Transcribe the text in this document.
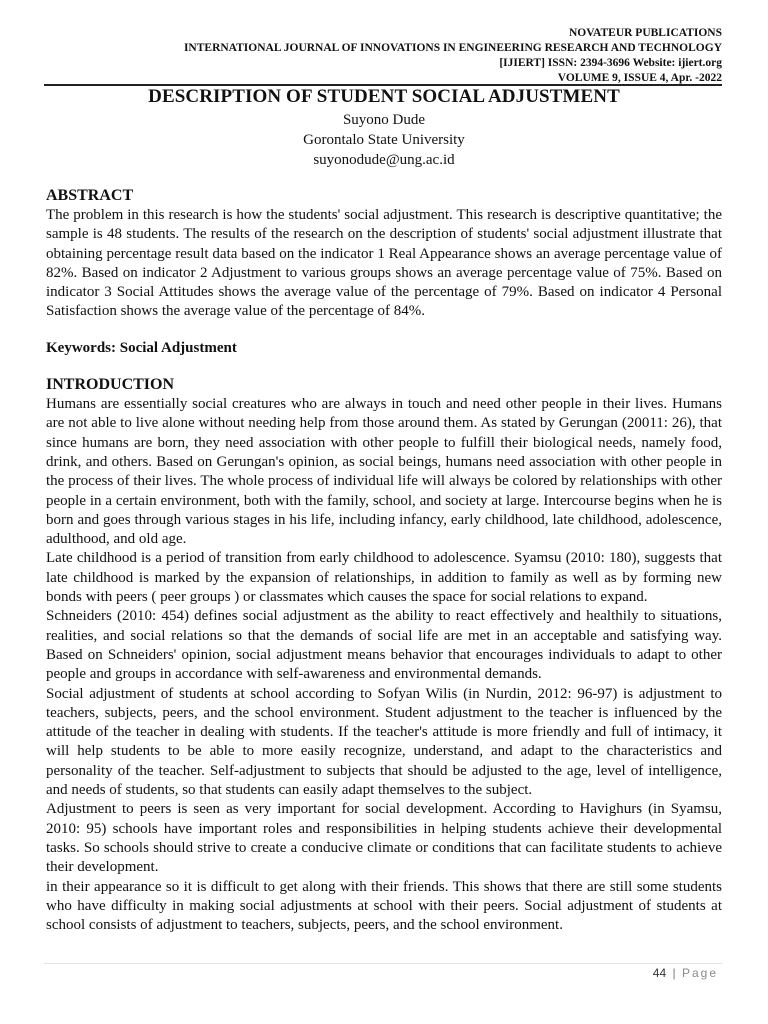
NOVATEUR PUBLICATIONS
INTERNATIONAL JOURNAL OF INNOVATIONS IN ENGINEERING RESEARCH AND TECHNOLOGY
[IJIERT] ISSN: 2394-3696 Website: ijiert.org
VOLUME 9, ISSUE 4, Apr. -2022
DESCRIPTION OF STUDENT SOCIAL ADJUSTMENT
Suyono Dude
Gorontalo State University
suyonodude@ung.ac.id
ABSTRACT

The problem in this research is how the students' social adjustment. This research is descriptive quantitative; the sample is 48 students. The results of the research on the description of students' social adjustment illustrate that obtaining percentage result data based on the indicator 1 Real Appearance shows an average percentage value of 82%. Based on indicator 2 Adjustment to various groups shows an average percentage value of 75%. Based on indicator 3 Social Attitudes shows the average value of the percentage of 79%. Based on indicator 4 Personal Satisfaction shows the average value of the percentage of 84%.

Keywords: Social Adjustment

INTRODUCTION

Humans are essentially social creatures who are always in touch and need other people in their lives. Humans are not able to live alone without needing help from those around them. As stated by Gerungan (20011: 26), that since humans are born, they need association with other people to fulfill their biological needs, namely food, drink, and others. Based on Gerungan's opinion, as social beings, humans need association with other people in the process of their lives. The whole process of individual life will always be colored by relationships with other people in a certain environment, both with the family, school, and society at large. Intercourse begins when he is born and goes through various stages in his life, including infancy, early childhood, late childhood, adolescence, adulthood, and old age.

Late childhood is a period of transition from early childhood to adolescence. Syamsu (2010: 180), suggests that late childhood is marked by the expansion of relationships, in addition to family as well as by forming new bonds with peers ( peer groups ) or classmates which causes the space for social relations to expand.

Schneiders (2010: 454) defines social adjustment as the ability to react effectively and healthily to situations, realities, and social relations so that the demands of social life are met in an acceptable and satisfying way. Based on Schneiders' opinion, social adjustment means behavior that encourages individuals to adapt to other people and groups in accordance with self-awareness and environmental demands.

Social adjustment of students at school according to Sofyan Wilis (in Nurdin, 2012: 96-97) is adjustment to teachers, subjects, peers, and the school environment. Student adjustment to the teacher is influenced by the attitude of the teacher in dealing with students. If the teacher's attitude is more friendly and full of intimacy, it will help students to be able to more easily recognize, understand, and adapt to the characteristics and personality of the teacher. Self-adjustment to subjects that should be adjusted to the age, level of intelligence, and needs of students, so that students can easily adapt themselves to the subject.

Adjustment to peers is seen as very important for social development. According to Havighurs (in Syamsu, 2010: 95) schools have important roles and responsibilities in helping students achieve their developmental tasks. So schools should strive to create a conducive climate or conditions that can facilitate students to achieve their development.

in their appearance so it is difficult to get along with their friends. This shows that there are still some students who have difficulty in making social adjustments at school with their peers. Social adjustment of students at school consists of adjustment to teachers, subjects, peers, and the school environment.

44 | Page
